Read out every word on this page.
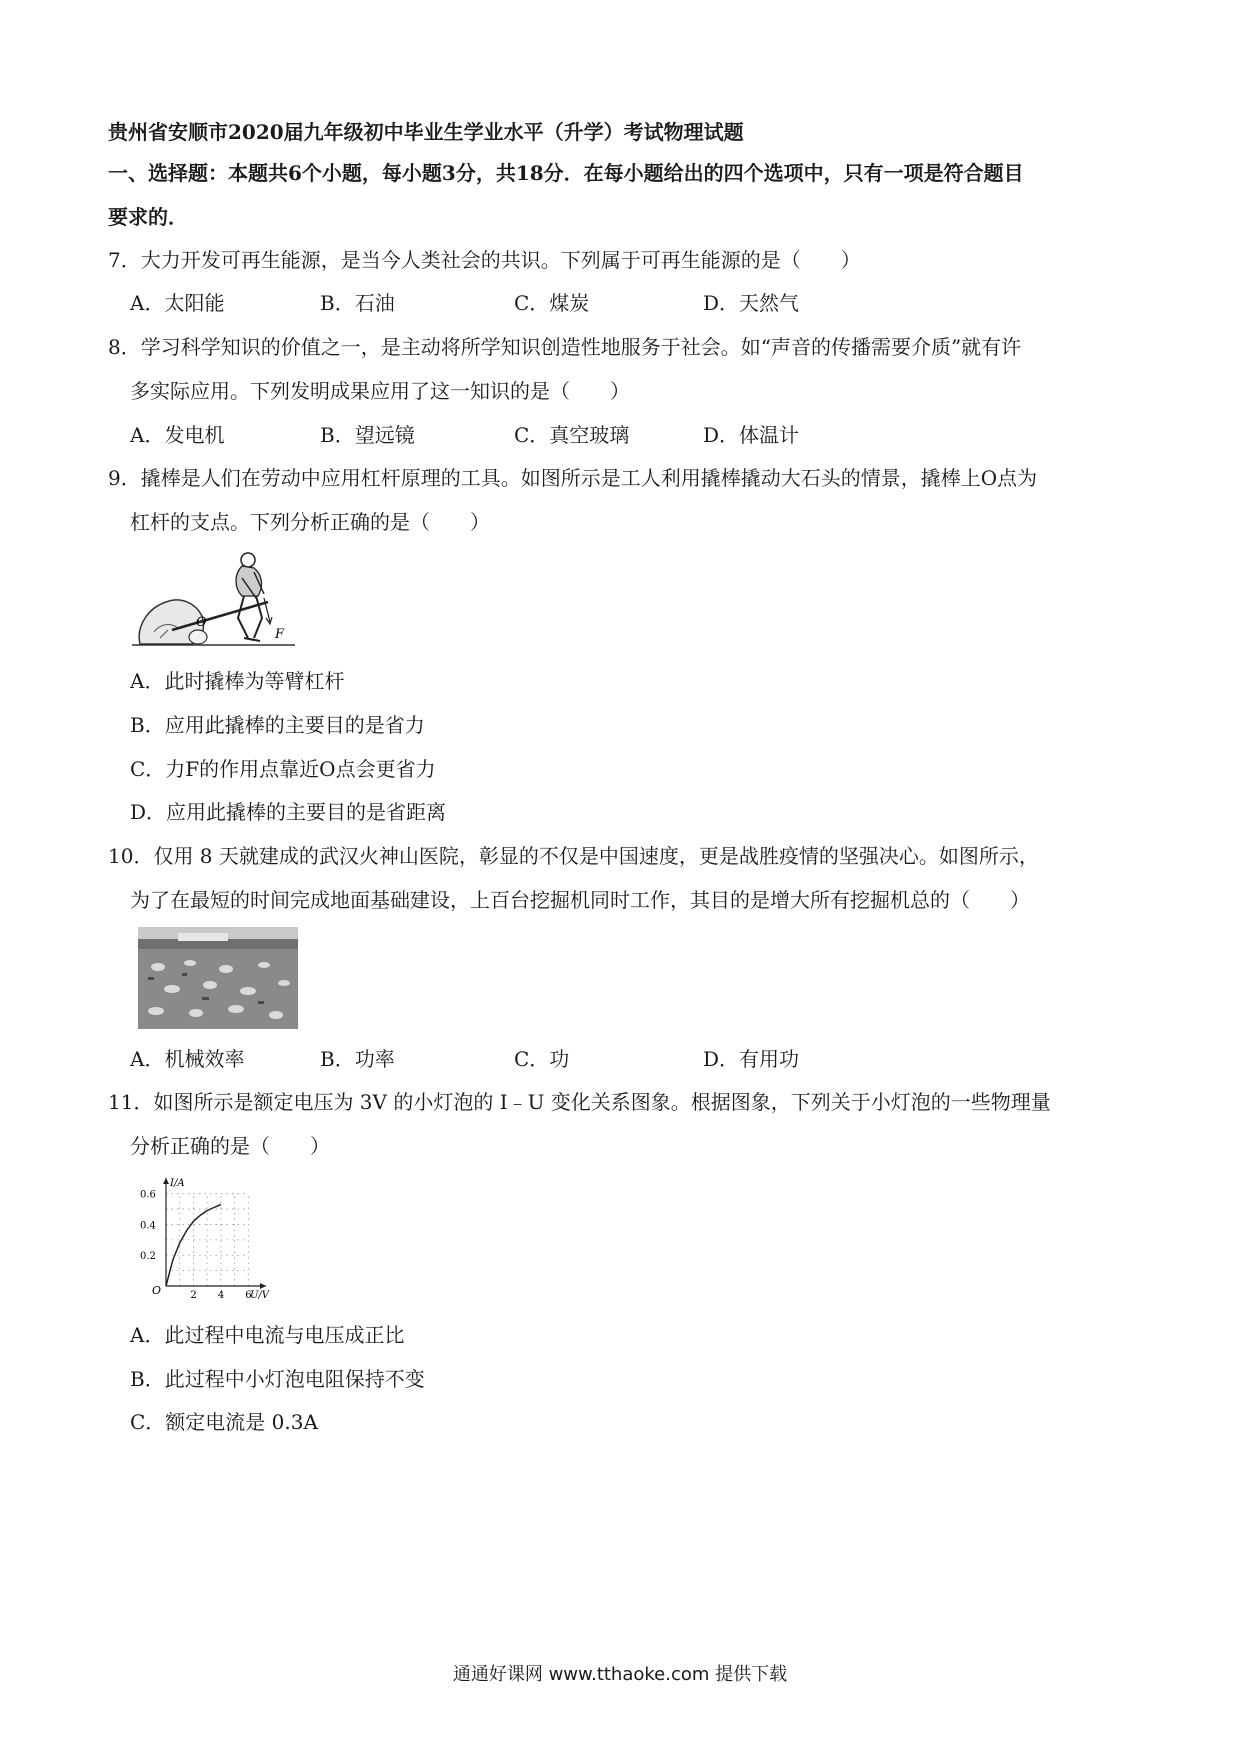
贵州省安顺市2020届九年级初中毕业生学业水平（升学）考试物理试题
一、选择题：本题共6个小题，每小题3分，共18分．在每小题给出的四个选项中，只有一项是符合题目
要求的．
7．大力开发可再生能源，是当今人类社会的共识。下列属于可再生能源的是（　　）
A．太阳能	B．石油	C．煤炭	D．天然气
8．学习科学知识的价值之一，是主动将所学知识创造性地服务于社会。如“声音的传播需要介质”就有许
多实际应用。下列发明成果应用了这一知识的是（　　）
A．发电机	B．望远镜	C．真空玻璃	D．体温计
9．撬棒是人们在劳动中应用杠杆原理的工具。如图所示是工人利用撬棒撬动大石头的情景，撬棒上O点为
杠杆的支点。下列分析正确的是（　　）
O
F
A．此时撬棒为等臂杠杆
B．应用此撬棒的主要目的是省力
C．力F的作用点靠近O点会更省力
D．应用此撬棒的主要目的是省距离
10．仅用 8 天就建成的武汉火神山医院，彰显的不仅是中国速度，更是战胜疫情的坚强决心。如图所示，
为了在最短的时间完成地面基础建设，上百台挖掘机同时工作，其目的是增大所有挖掘机总的（　　）
A．机械效率	B．功率	C．功	D．有用功
11．如图所示是额定电压为 3V 的小灯泡的 I﹣U 变化关系图象。根据图象，下列关于小灯泡的一些物理量
分析正确的是（　　）
2 4 6
0.2
0.4
0.6
O
I/A
U/V
A．此过程中电流与电压成正比
B．此过程中小灯泡电阻保持不变
C．额定电流是 0.3A
通通好课网 www.tthaoke.com 提供下载
